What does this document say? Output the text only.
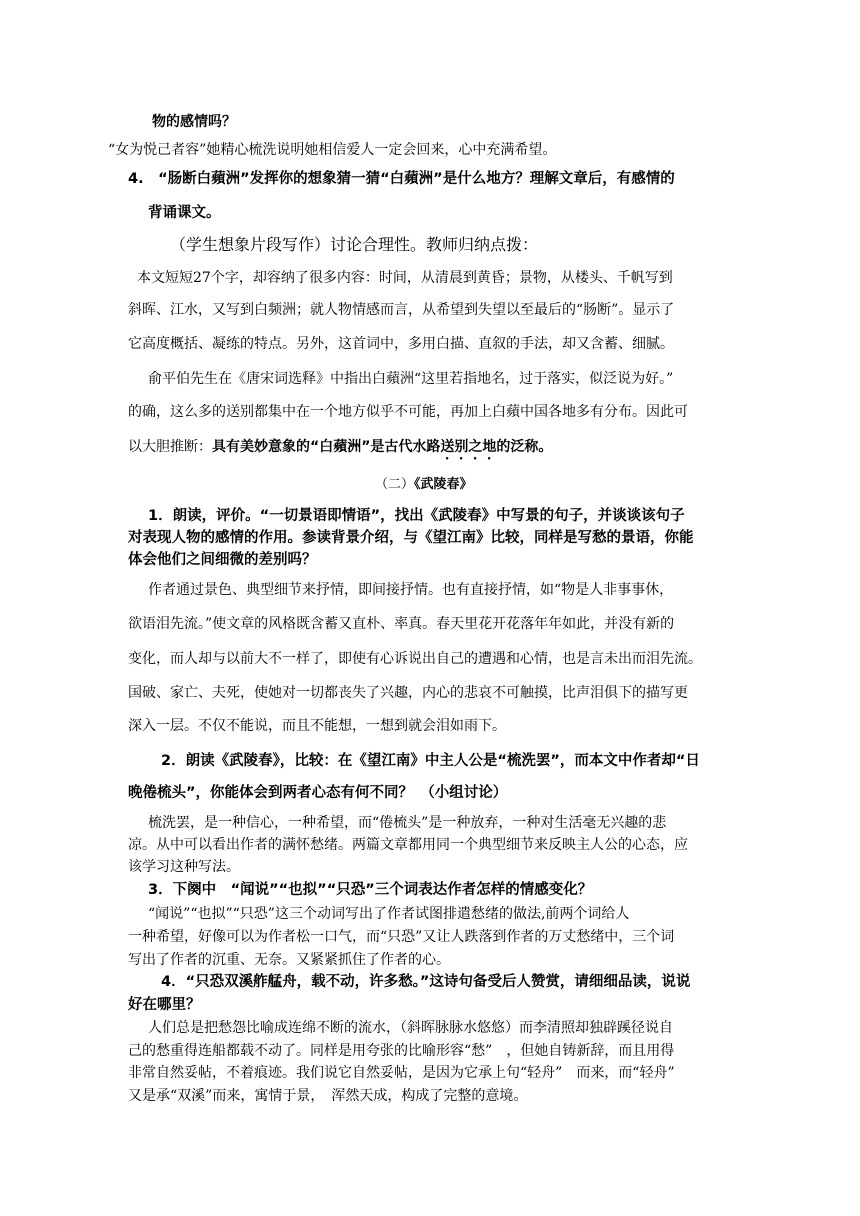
物的感情吗？
“女为悦己者容”她精心梳洗说明她相信爱人一定会回来，心中充满希望。
4.　“肠断白蘋洲”发挥你的想象猜一猜“白蘋洲”是什么地方？理解文章后，有感情的
背诵课文。
（学生想象片段写作）讨论合理性。教师归纳点拨：
本文短短27个字，却容纳了很多内容：时间，从清晨到黄昏；景物，从楼头、千帆写到
斜晖、江水，又写到白频洲；就人物情感而言，从希望到失望以至最后的“肠断”。显示了
它高度概括、凝练的特点。另外，这首词中，多用白描、直叙的手法，却又含蓄、细腻。
俞平伯先生在《唐宋词选释》中指出白蘋洲“这里若指地名，过于落实，似泛说为好。”
的确，这么多的送别都集中在一个地方似乎不可能，再加上白蘋中国各地多有分布。因此可
以大胆推断：具有美妙意象的“白蘋洲”是古代水路送别之地的泛称。
（二）《武陵春》
1．朗读，评价。“一切景语即情语”，找出《武陵春》中写景的句子，并谈谈该句子
对表现人物的感情的作用。参读背景介绍，与《望江南》比较，同样是写愁的景语，你能
体会他们之间细微的差别吗？
作者通过景色、典型细节来抒情，即间接抒情。也有直接抒情，如“物是人非事事休，
欲语泪先流。”使文章的风格既含蓄又直朴、率真。春天里花开花落年年如此，并没有新的
变化，而人却与以前大不一样了，即使有心诉说出自己的遭遇和心情，也是言未出而泪先流。
国破、家亡、夫死，使她对一切都丧失了兴趣，内心的悲哀不可触摸，比声泪俱下的描写更
深入一层。不仅不能说，而且不能想，一想到就会泪如雨下。
2．朗读《武陵春》，比较：在《望江南》中主人公是“梳洗罢”，而本文中作者却“日
晚倦梳头”，你能体会到两者心态有何不同？　（小组讨论）
梳洗罢，是一种信心，一种希望，而“倦梳头”是一种放弃，一种对生活毫无兴趣的悲
凉。从中可以看出作者的满怀愁绪。两篇文章都用同一个典型细节来反映主人公的心态，应
该学习这种写法。
3．下阕中　“闻说”“也拟”“只恐”三个词表达作者怎样的情感变化？
“闻说”“也拟”“只恐”这三个动词写出了作者试图排遣愁绪的做法,前两个词给人
一种希望，好像可以为作者松一口气，而“只恐”又让人跌落到作者的万丈愁绪中，三个词
写出了作者的沉重、无奈。又紧紧抓住了作者的心。
4．“只恐双溪舴艋舟，载不动，许多愁。”这诗句备受后人赞赏，请细细品读，说说
好在哪里？
人们总是把愁怨比喻成连绵不断的流水，（斜晖脉脉水悠悠）而李清照却独辟蹊径说自
己的愁重得连船都载不动了。同样是用夸张的比喻形容“愁”　，但她自铸新辞，而且用得
非常自然妥帖，不着痕迹。我们说它自然妥帖，是因为它承上句“轻舟”　而来，而“轻舟”
又是承“双溪”而来，寓情于景，　浑然天成，构成了完整的意境。
